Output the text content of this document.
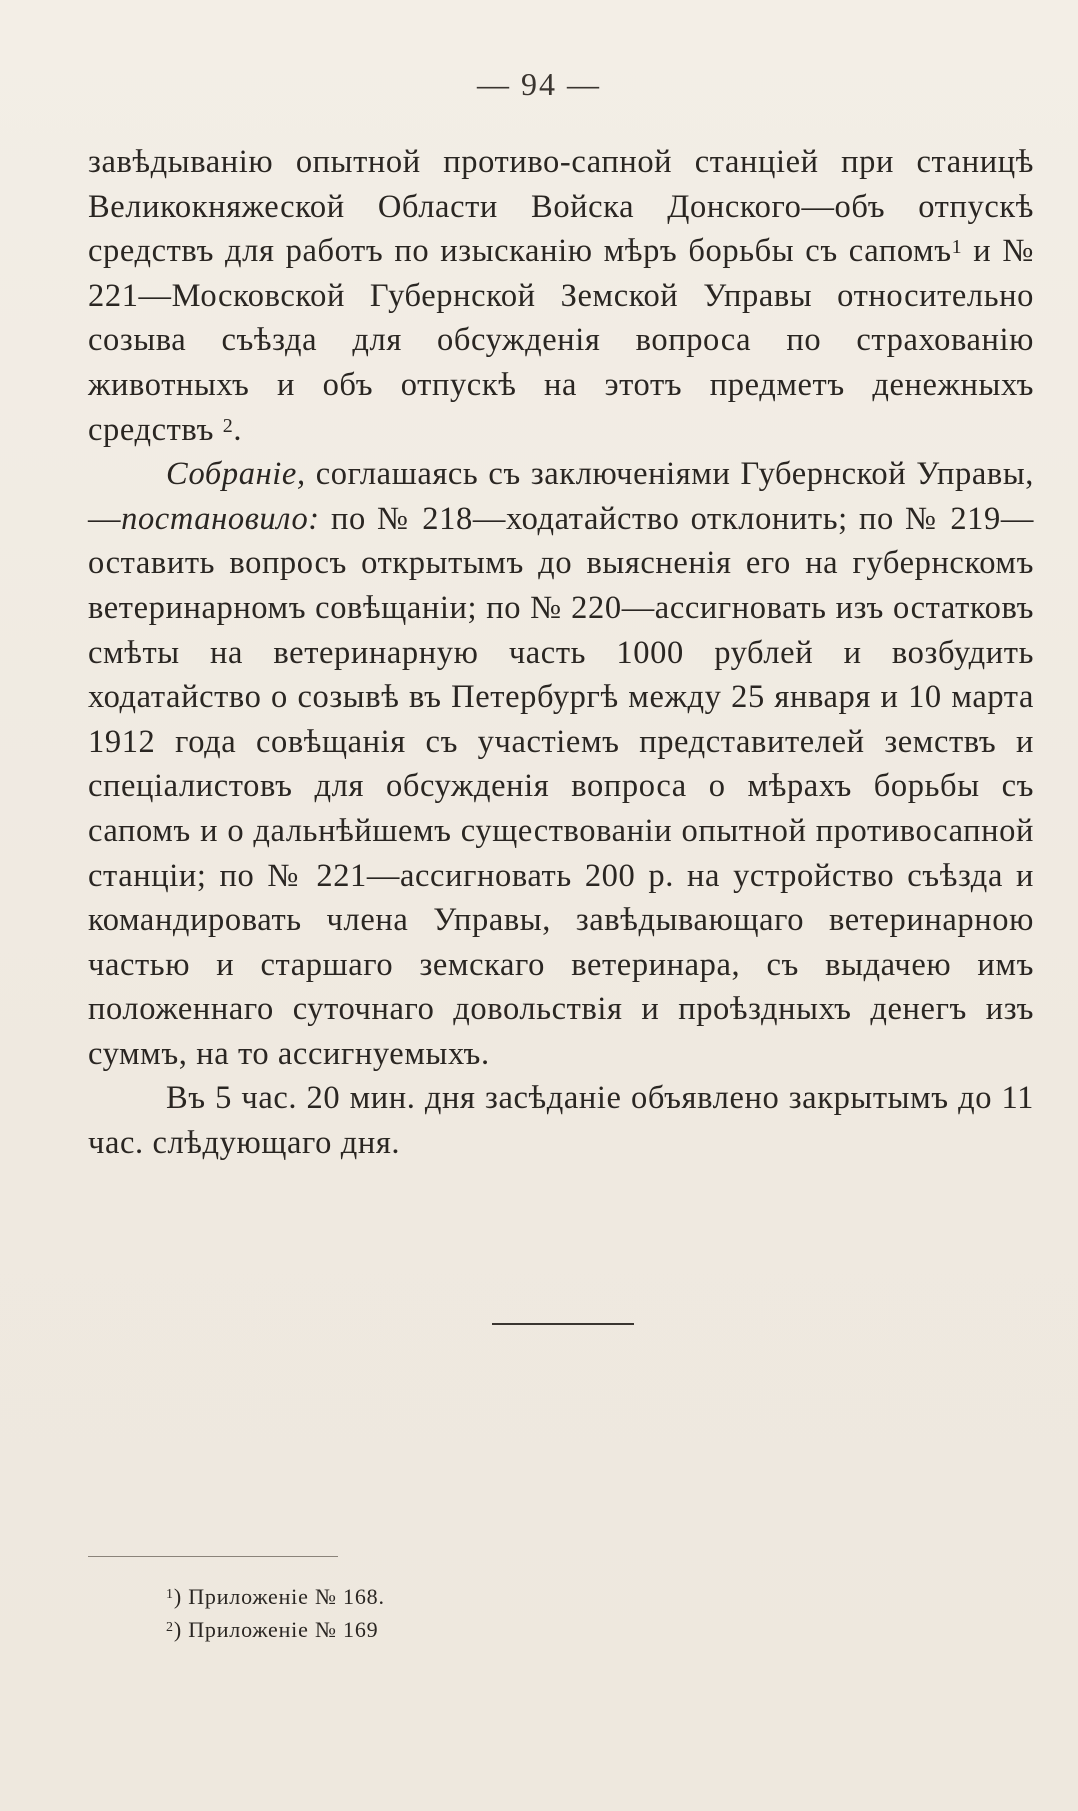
— 94 —

завѣдыванію опытной противо-сапной станціей при станицѣ Великокняжеской Области Войска Донского—объ отпускѣ средствъ для работъ по изысканію мѣръ борьбы съ сапомъ$^1$ и № 221—Московской Губернской Земской Управы относительно созыва съѣзда для обсужденія вопроса по страхованію животныхъ и объ отпускѣ на этотъ предметъ денежныхъ средствъ $^2$.

Собраніе, соглашаясь съ заключеніями Губернской Управы,—постановило: по № 218—ходатайство отклонить; по № 219—оставить вопросъ открытымъ до выясненія его на губернскомъ ветеринарномъ совѣщаніи; по № 220—ассигновать изъ остатковъ смѣты на ветеринарную часть 1000 рублей и возбудить ходатайство о созывѣ въ Петербургѣ между 25 января и 10 марта 1912 года совѣщанія съ участіемъ представителей земствъ и спеціалистовъ для обсужденія вопроса о мѣрахъ борьбы съ сапомъ и о дальнѣйшемъ существованіи опытной противосапной станціи; по № 221—ассигновать 200 р. на устройство съѣзда и командировать члена Управы, завѣдывающаго ветеринарною частью и старшаго земскаго ветеринара, съ выдачею имъ положеннаго суточнаго довольствія и проѣздныхъ денегъ изъ суммъ, на то ассигнуемыхъ.

Въ 5 час. 20 мин. дня засѣданіе объявлено закрытымъ до 11 час. слѣдующаго дня.

$^1$) Приложеніе № 168.
$^2$) Приложеніе № 169
